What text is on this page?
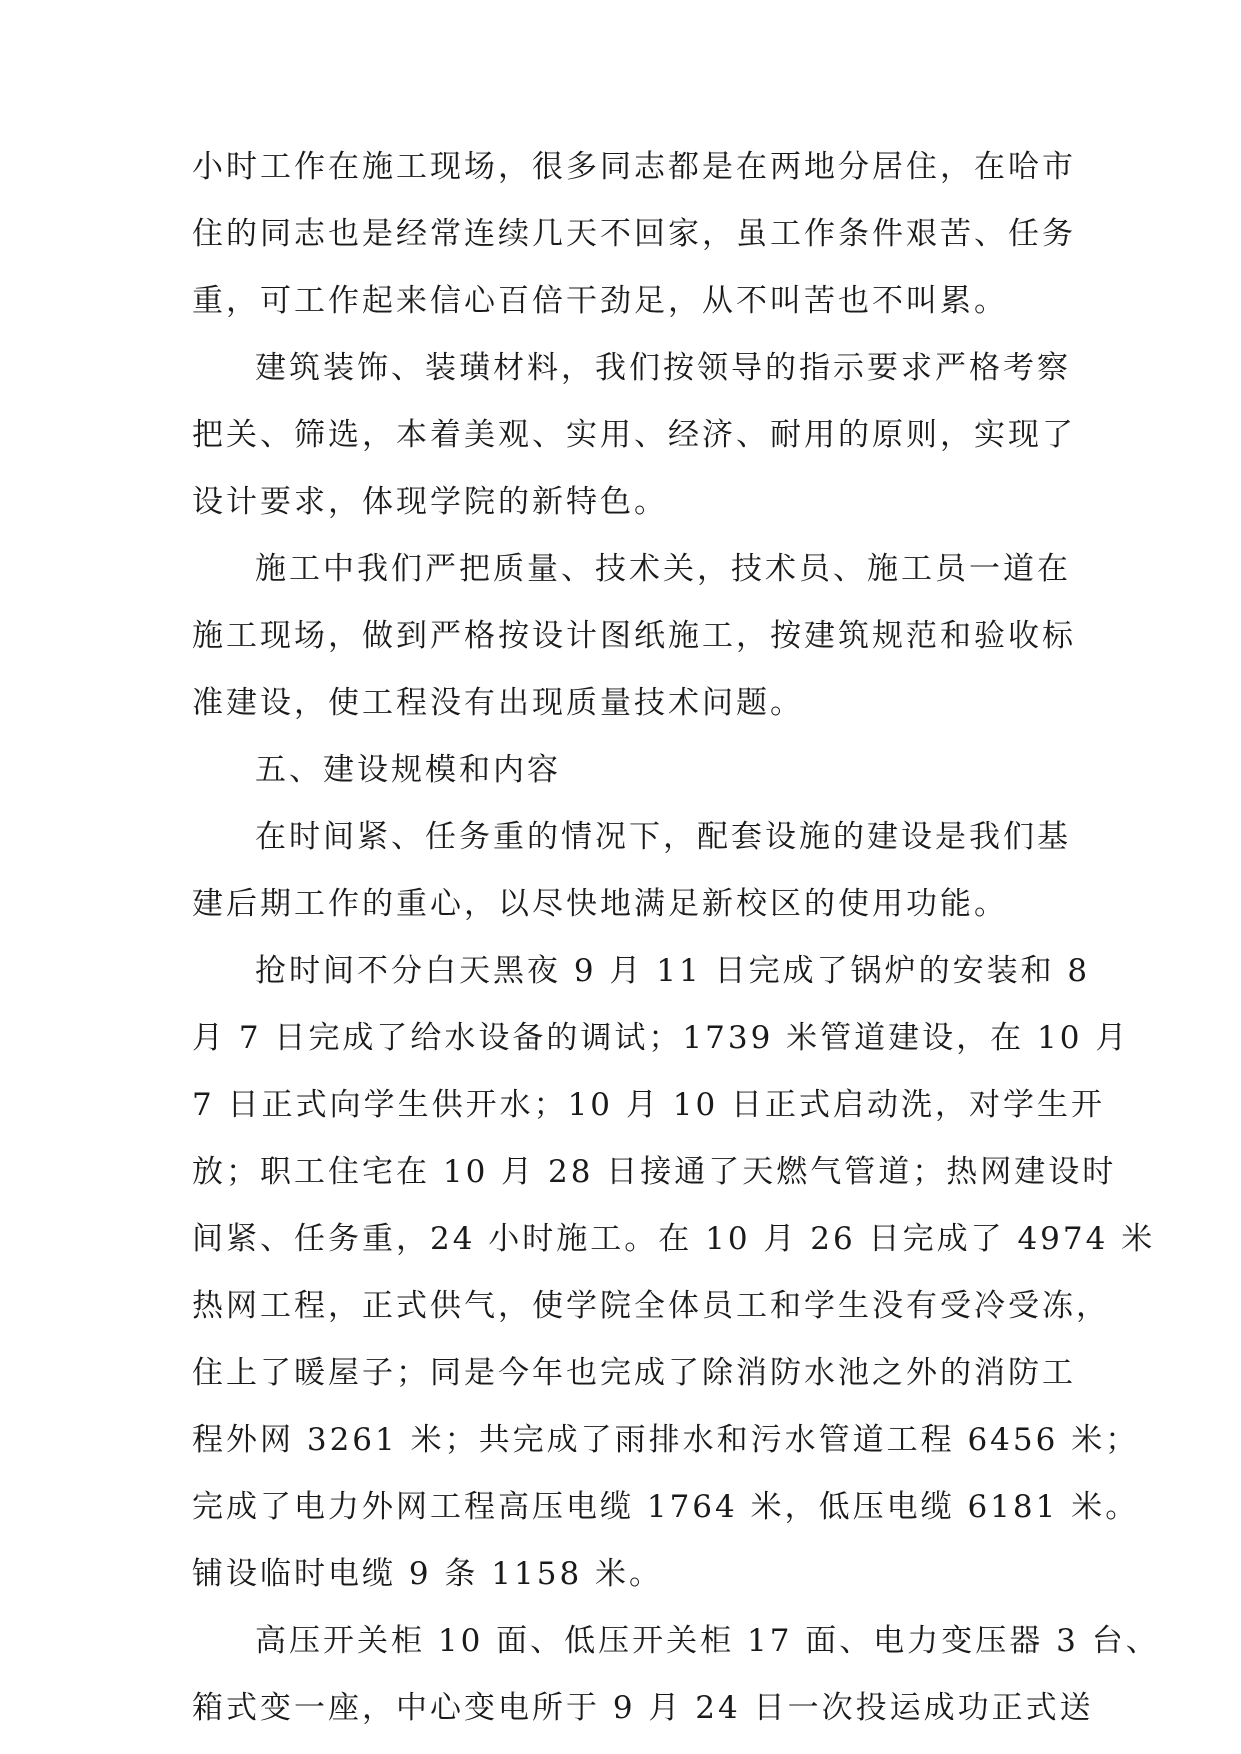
小时工作在施工现场，很多同志都是在两地分居住，在哈市
住的同志也是经常连续几天不回家，虽工作条件艰苦、任务
重，可工作起来信心百倍干劲足，从不叫苦也不叫累。
建筑装饰、装璜材料，我们按领导的指示要求严格考察
把关、筛选，本着美观、实用、经济、耐用的原则，实现了
设计要求，体现学院的新特色。
施工中我们严把质量、技术关，技术员、施工员一道在
施工现场，做到严格按设计图纸施工，按建筑规范和验收标
准建设，使工程没有出现质量技术问题。
五、建设规模和内容
在时间紧、任务重的情况下，配套设施的建设是我们基
建后期工作的重心，以尽快地满足新校区的使用功能。
抢时间不分白天黑夜 9 月 11 日完成了锅炉的安装和 8
月 7 日完成了给水设备的调试；1739 米管道建设，在 10 月
7 日正式向学生供开水；10 月 10 日正式启动洗，对学生开
放；职工住宅在 10 月 28 日接通了天燃气管道；热网建设时
间紧、任务重，24 小时施工。在 10 月 26 日完成了 4974 米
热网工程，正式供气，使学院全体员工和学生没有受冷受冻，
住上了暖屋子；同是今年也完成了除消防水池之外的消防工
程外网 3261 米；共完成了雨排水和污水管道工程 6456 米；
完成了电力外网工程高压电缆 1764 米，低压电缆 6181 米。
铺设临时电缆 9 条 1158 米。
高压开关柜 10 面、低压开关柜 17 面、电力变压器 3 台、
箱式变一座，中心变电所于 9 月 24 日一次投运成功正式送
